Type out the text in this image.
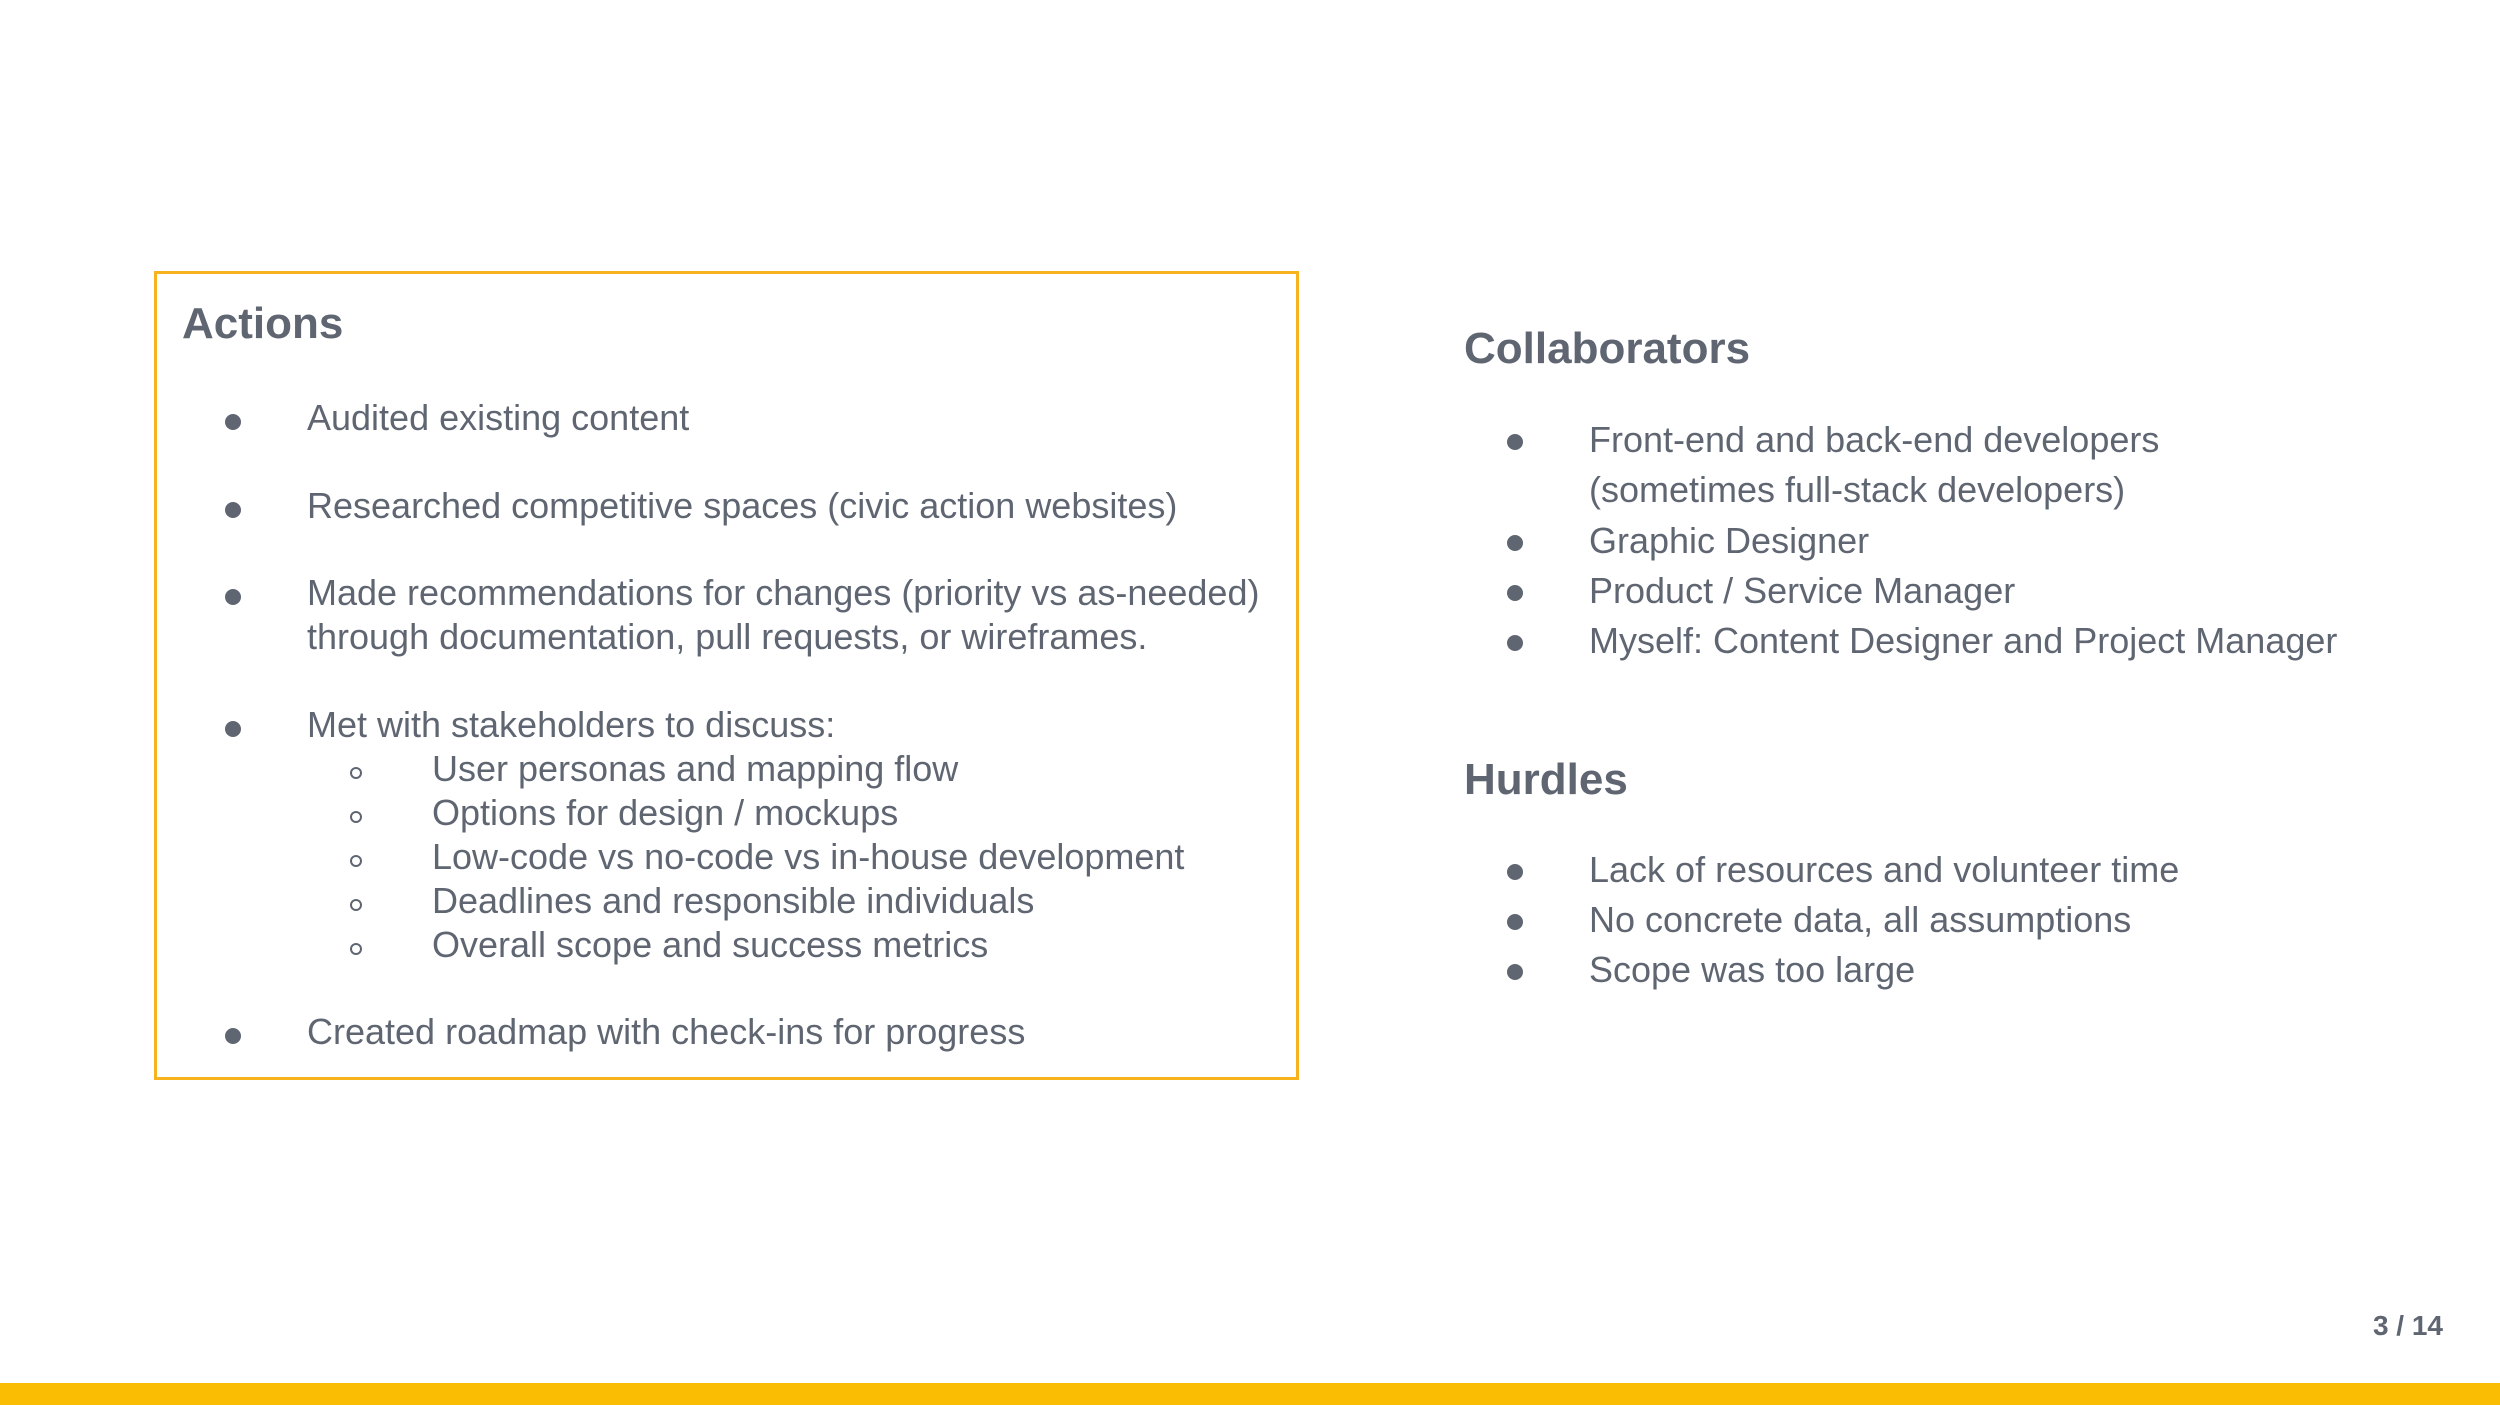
Actions
Audited existing content
Researched competitive spaces (civic action websites)
Made recommendations for changes (priority vs as-needed)
through documentation, pull requests, or wireframes.
Met with stakeholders to discuss:
User personas and mapping flow
Options for design / mockups
Low-code vs no-code vs in-house development
Deadlines and responsible individuals
Overall scope and success metrics
Created roadmap with check-ins for progress
Collaborators
Front-end and back-end developers
(sometimes full-stack developers)
Graphic Designer
Product / Service Manager
Myself: Content Designer and Project Manager
Hurdles
Lack of resources and volunteer time
No concrete data, all assumptions
Scope was too large
3 / 14
